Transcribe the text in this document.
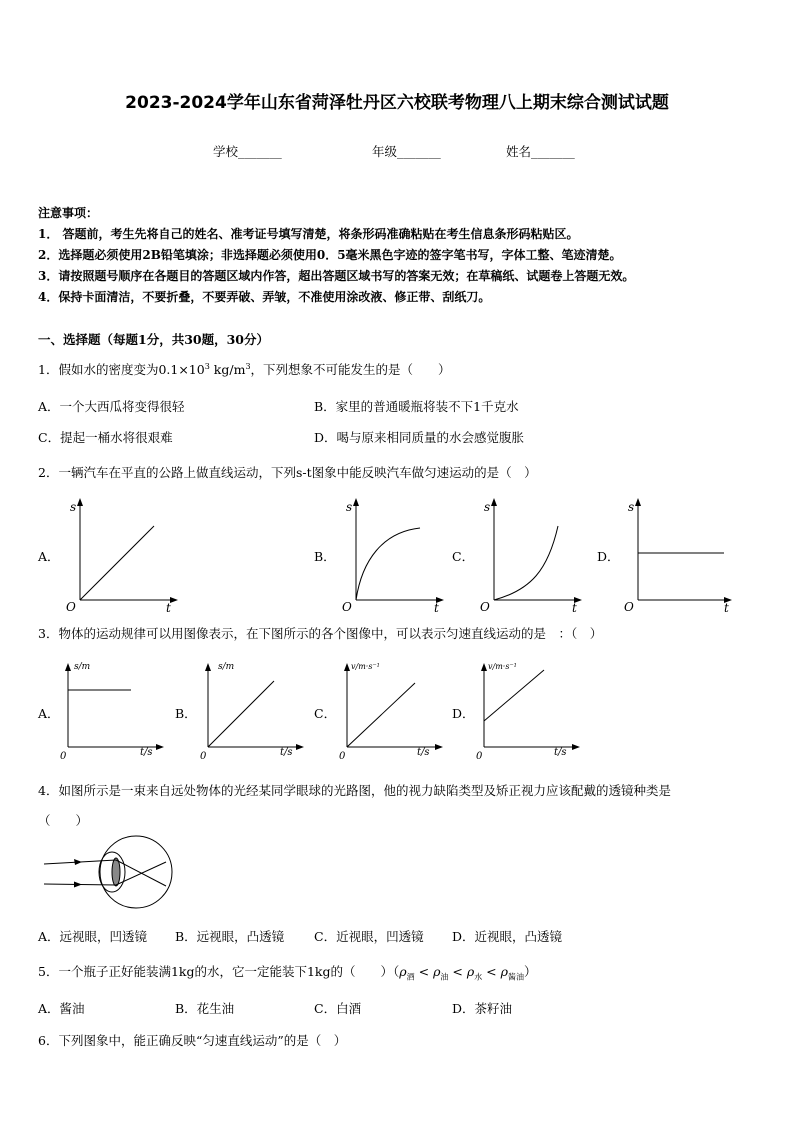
2023-2024学年山东省菏泽牡丹区六校联考物理八上期末综合测试试题
学校_______	年级_______	姓名_______
注意事项：
1． 答题前，考生先将自己的姓名、准考证号填写清楚，将条形码准确粘贴在考生信息条形码粘贴区。
2．选择题必须使用2B铅笔填涂；非选择题必须使用0．5毫米黑色字迹的签字笔书写，字体工整、笔迹清楚。
3．请按照题号顺序在各题目的答题区域内作答，超出答题区域书写的答案无效；在草稿纸、试题卷上答题无效。
4．保持卡面清洁，不要折叠，不要弄破、弄皱，不准使用涂改液、修正带、刮纸刀。
一、选择题（每题1分，共30题，30分）
1．假如水的密度变为$0.1\times 10^3$ $kg/m^3$，下列想象不可能发生的是（　　）
A．一个大西瓜将变得很轻	B．家里的普通暖瓶将装不下1千克水
C．提起一桶水将很艰难	D．喝与原来相同质量的水会感觉腹胀
2．一辆汽车在平直的公路上做直线运动，下列s-t图象中能反映汽车做匀速运动的是（　）
A．	B．	C．	D．
s
t
O
s
t
O
s
t
O
s
t
O
3．物体的运动规律可以用图像表示，在下图所示的各个图像中，可以表示匀速直线运动的是　：（　）
A．	B．	C．	D．
s/m
t/s
0
s/m
t/s
0
v/m·s⁻¹
t/s
0
v/m·s⁻¹
t/s
0
4．如图所示是一束来自远处物体的光经某同学眼球的光路图，他的视力缺陷类型及矫正视力应该配戴的透镜种类是
（　　）
A．远视眼，凹透镜 B．远视眼，凸透镜 C．近视眼，凹透镜 D．近视眼，凸透镜
5．一个瓶子正好能装满1kg的水，它一定能装下1kg的（　　）$(\rho_酒 < \rho_油 < \rho_水 < \rho_{酱油})$
A．酱油	B．花生油	C．白酒	D．茶籽油
6．下列图象中，能正确反映“匀速直线运动”的是（　）
